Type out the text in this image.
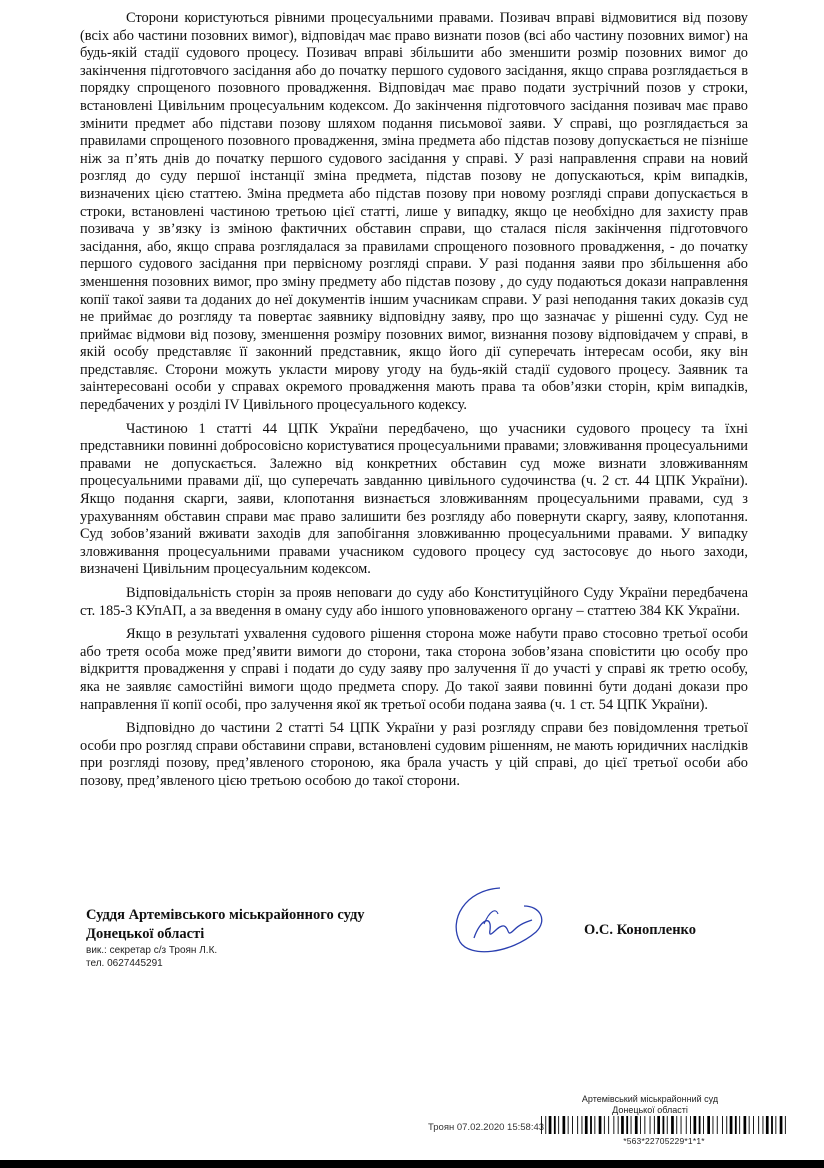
Сторони користуються рівними процесуальними правами. Позивач вправі відмовитися від позову (всіх або частини позовних вимог), відповідач має право визнати позов (всі або частину позовних вимог) на будь-якій стадії судового процесу. Позивач вправі збільшити або зменшити розмір позовних вимог до закінчення підготовчого засідання або до початку першого судового засідання, якщо справа розглядається в порядку спрощеного позовного провадження. Відповідач має право подати зустрічний позов у строки, встановлені Цивільним процесуальним кодексом. До закінчення підготовчого засідання позивач має право змінити предмет або підстави позову шляхом подання письмової заяви. У справі, що розглядається за правилами спрощеного позовного провадження, зміна предмета або підстав позову допускається не пізніше ніж за п’ять днів до початку першого судового засідання у справі. У разі направлення справи на новий розгляд до суду першої інстанції зміна предмета, підстав позову не допускаються, крім випадків, визначених цією статтею. Зміна предмета або підстав позову при новому розгляді справи допускається в строки, встановлені частиною третьою цієї статті, лише у випадку, якщо це необхідно для захисту прав позивача у зв’язку із зміною фактичних обставин справи, що сталася після закінчення підготовчого засідання, або, якщо справа розглядалася за правилами спрощеного позовного провадження, - до початку першого судового засідання при первісному розгляді справи. У разі подання заяви про збільшення або зменшення позовних вимог, про зміну предмету або підстав позову , до суду подаються докази направлення копії такої заяви та доданих до неї документів іншим учасникам справи. У разі неподання таких доказів суд не приймає до розгляду та повертає заявнику відповідну заяву, про що зазначає у рішенні суду. Суд не приймає відмови від позову, зменшення розміру позовних вимог, визнання позову відповідачем у справі, в якій особу представляє її законний представник, якщо його дії суперечать інтересам особи, яку він представляє. Сторони можуть укласти мирову угоду на будь-якій стадії судового процесу. Заявник та заінтересовані особи у справах окремого провадження мають права та обов’язки сторін, крім випадків, передбачених у розділі IV Цивільного процесуального кодексу.

Частиною 1 статті 44 ЦПК України передбачено, що учасники судового процесу та їхні представники повинні добросовісно користуватися процесуальними правами; зловживання процесуальними правами не допускається. Залежно від конкретних обставин суд може визнати зловживанням процесуальними правами дії, що суперечать завданню цивільного судочинства (ч. 2 ст. 44 ЦПК України). Якщо подання скарги, заяви, клопотання визнається зловживанням процесуальними правами, суд з урахуванням обставин справи має право залишити без розгляду або повернути скаргу, заяву, клопотання. Суд зобов’язаний вживати заходів для запобігання зловживанню процесуальними правами. У випадку зловживання процесуальними правами учасником судового процесу суд застосовує до нього заходи, визначені Цивільним процесуальним кодексом.

Відповідальність сторін за прояв неповаги до суду або Конституційного Суду України передбачена ст. 185-3 КУпАП, а за введення в оману суду або іншого уповноваженого органу – статтею 384 КК України.

Якщо в результаті ухвалення судового рішення сторона може набути право стосовно третьої особи або третя особа може пред’явити вимоги до сторони, така сторона зобов’язана сповістити цю особу про відкриття провадження у справі і подати до суду заяву про залучення її до участі у справі як третю особу, яка не заявляє самостійні вимоги щодо предмета спору. До такої заяви повинні бути додані докази про направлення її копії особі, про залучення якої як третьої особи подана заява (ч. 1 ст. 54 ЦПК України).

Відповідно до частини 2 статті 54 ЦПК України у разі розгляду справи без повідомлення третьої особи про розгляд справи обставини справи, встановлені судовим рішенням, не мають юридичних наслідків при розгляді позову, пред’явленого стороною, яка брала участь у цій справі, до цієї третьої особи або позову, пред’явленого цією третьою особою до такої сторони.

Суддя Артемівського міськрайонного суду Донецької області
вик.: секретар с/з Троян Л.К.
тел. 0627445291
О.С. Конопленко
Артемівський міськрайонний суд Донецької області
Троян 07.02.2020 15:58:43
*563*22705229*1*1*
